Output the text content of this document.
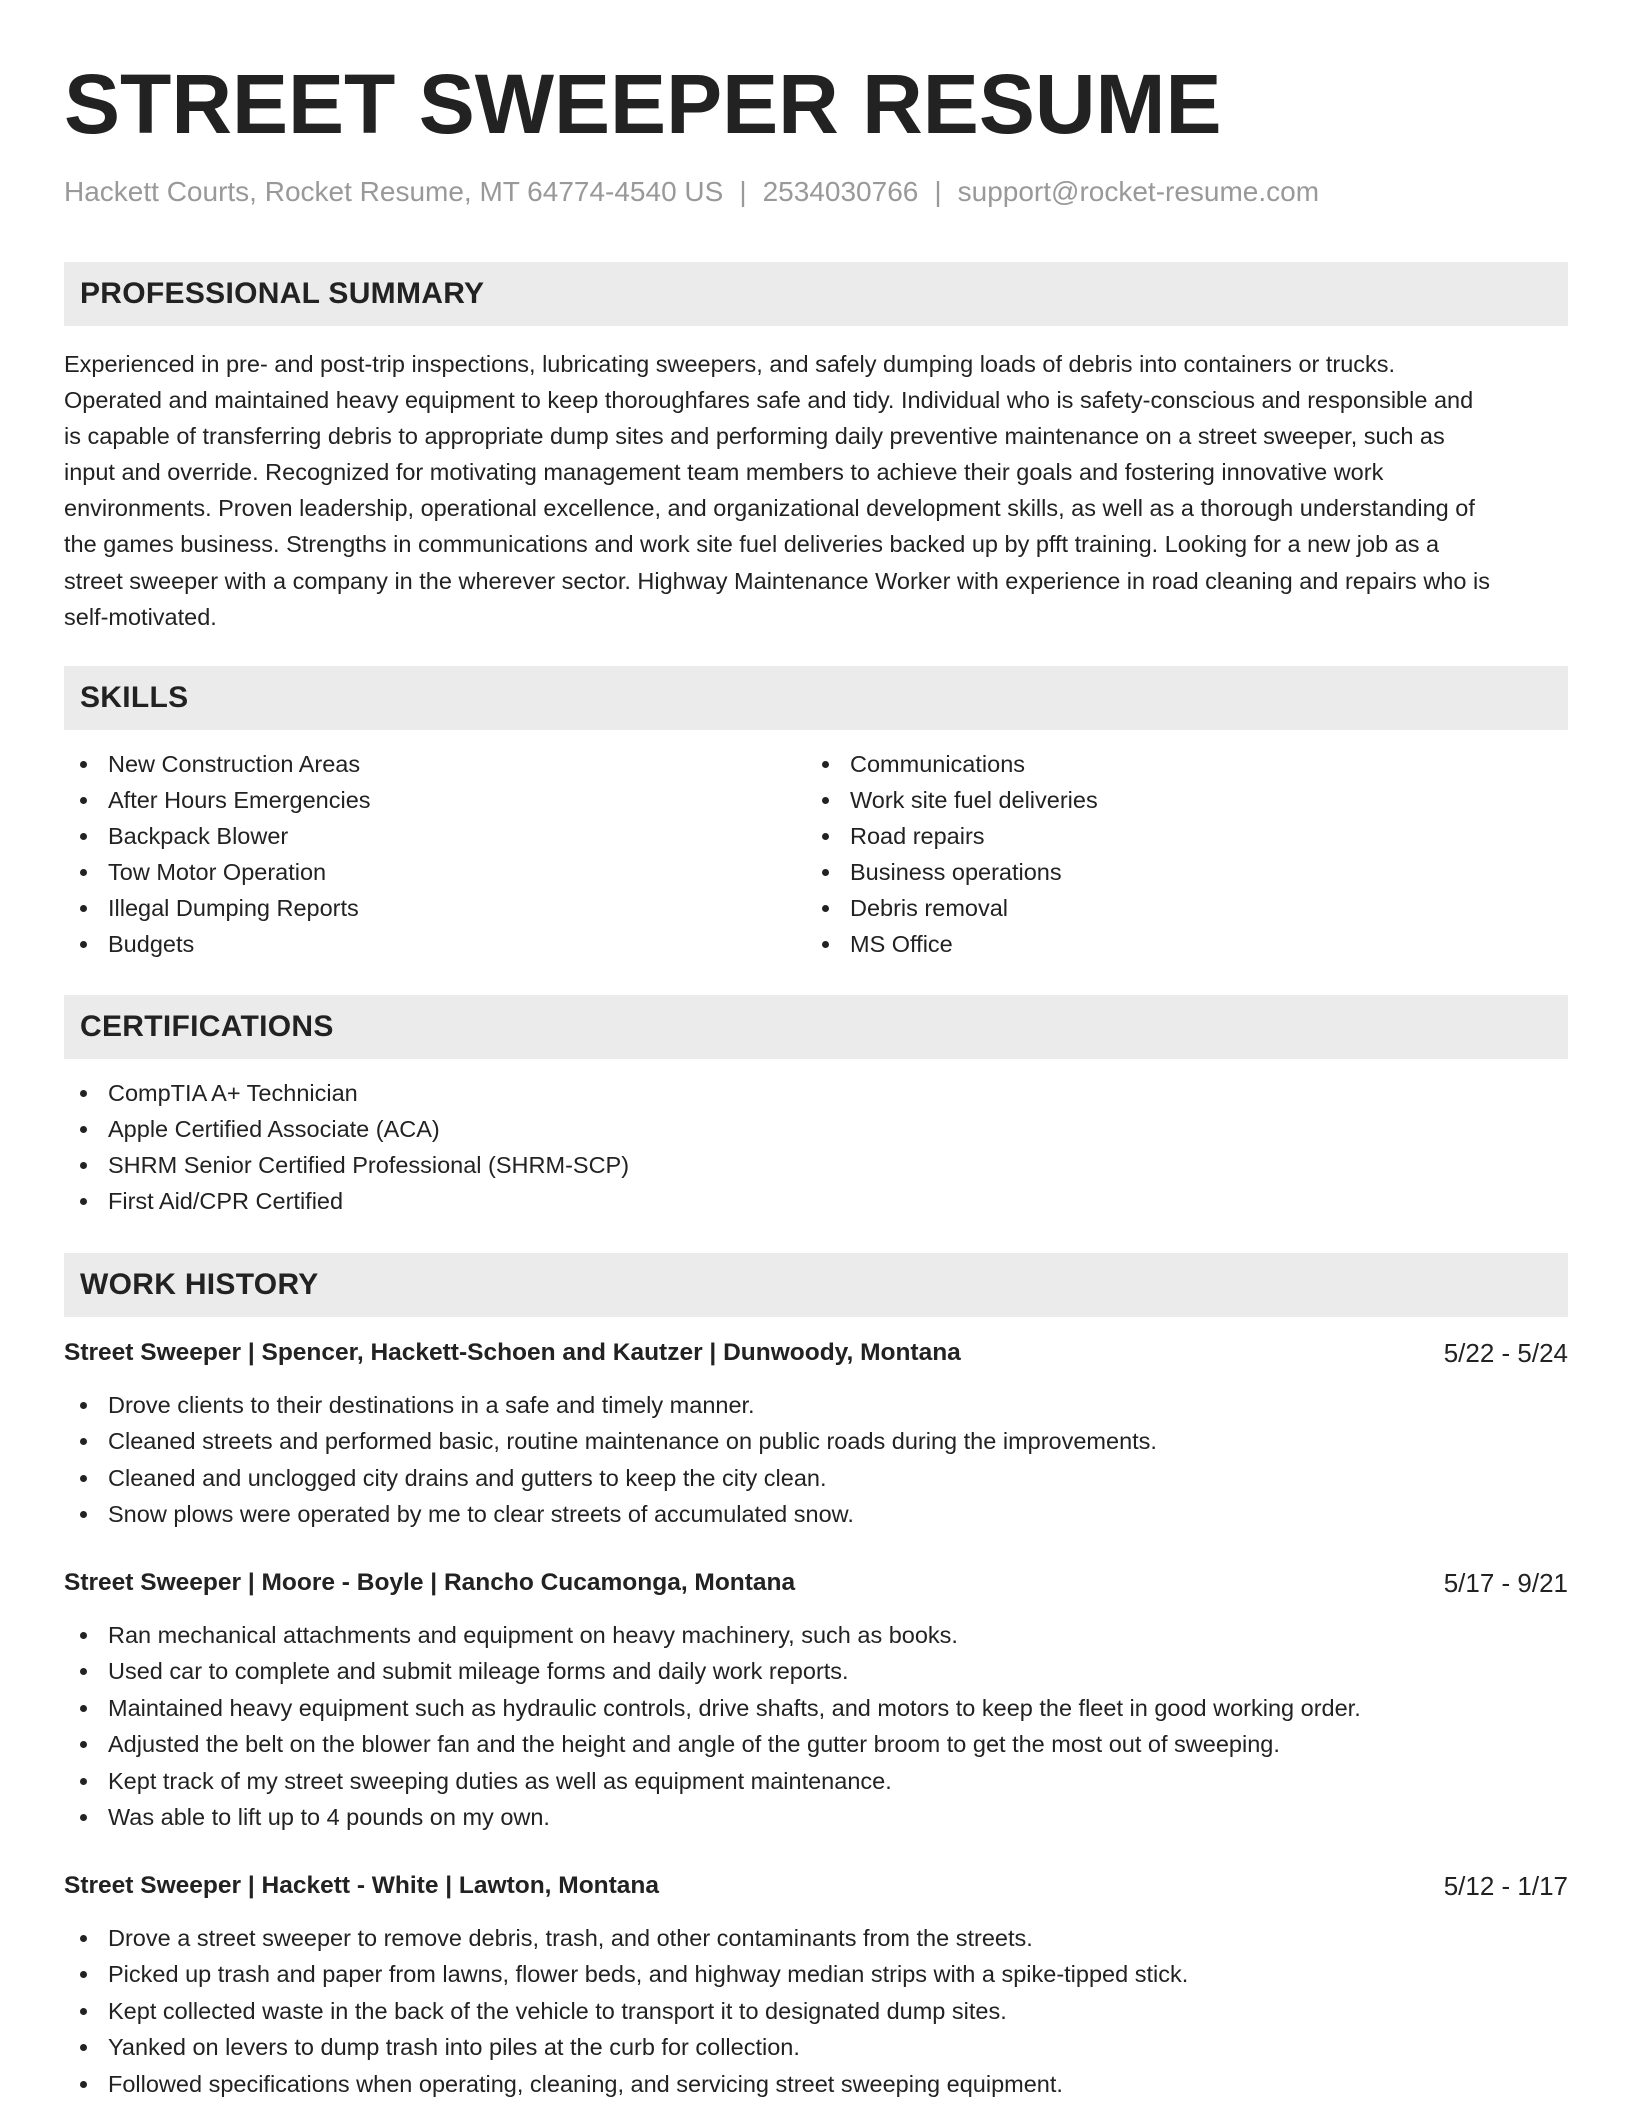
STREET SWEEPER RESUME
Hackett Courts, Rocket Resume, MT 64774-4540 US | 2534030766 | support@rocket-resume.com
PROFESSIONAL SUMMARY
Experienced in pre- and post-trip inspections, lubricating sweepers, and safely dumping loads of debris into containers or trucks.
Operated and maintained heavy equipment to keep thoroughfares safe and tidy. Individual who is safety-conscious and responsible and
is capable of transferring debris to appropriate dump sites and performing daily preventive maintenance on a street sweeper, such as
input and override. Recognized for motivating management team members to achieve their goals and fostering innovative work
environments. Proven leadership, operational excellence, and organizational development skills, as well as a thorough understanding of
the games business. Strengths in communications and work site fuel deliveries backed up by pfft training. Looking for a new job as a
street sweeper with a company in the wherever sector. Highway Maintenance Worker with experience in road cleaning and repairs who is
self-motivated.
SKILLS
New Construction Areas
After Hours Emergencies
Backpack Blower
Tow Motor Operation
Illegal Dumping Reports
Budgets
Communications
Work site fuel deliveries
Road repairs
Business operations
Debris removal
MS Office
CERTIFICATIONS
CompTIA A+ Technician
Apple Certified Associate (ACA)
SHRM Senior Certified Professional (SHRM-SCP)
First Aid/CPR Certified
WORK HISTORY
Street Sweeper | Spencer, Hackett-Schoen and Kautzer | Dunwoody, Montana	5/22 - 5/24
Drove clients to their destinations in a safe and timely manner.
Cleaned streets and performed basic, routine maintenance on public roads during the improvements.
Cleaned and unclogged city drains and gutters to keep the city clean.
Snow plows were operated by me to clear streets of accumulated snow.
Street Sweeper | Moore - Boyle | Rancho Cucamonga, Montana	5/17 - 9/21
Ran mechanical attachments and equipment on heavy machinery, such as books.
Used car to complete and submit mileage forms and daily work reports.
Maintained heavy equipment such as hydraulic controls, drive shafts, and motors to keep the fleet in good working order.
Adjusted the belt on the blower fan and the height and angle of the gutter broom to get the most out of sweeping.
Kept track of my street sweeping duties as well as equipment maintenance.
Was able to lift up to 4 pounds on my own.
Street Sweeper | Hackett - White | Lawton, Montana	5/12 - 1/17
Drove a street sweeper to remove debris, trash, and other contaminants from the streets.
Picked up trash and paper from lawns, flower beds, and highway median strips with a spike-tipped stick.
Kept collected waste in the back of the vehicle to transport it to designated dump sites.
Yanked on levers to dump trash into piles at the curb for collection.
Followed specifications when operating, cleaning, and servicing street sweeping equipment.
